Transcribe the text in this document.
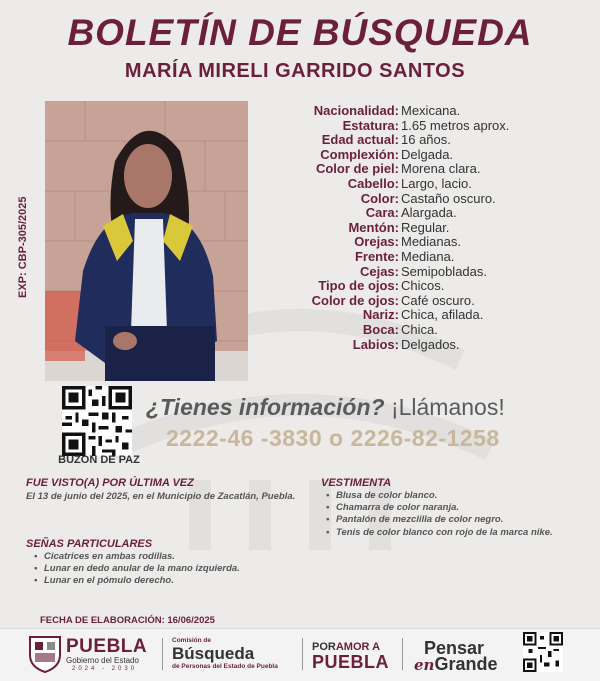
BOLETÍN DE BÚSQUEDA
MARÍA MIRELI GARRIDO SANTOS
EXP: CBP-305/2025
Nacionalidad: Mexicana.
Estatura: 1.65 metros aprox.
Edad actual: 16 años.
Complexión: Delgada.
Color de piel: Morena clara.
Cabello: Largo, lacio.
Color: Castaño oscuro.
Cara: Alargada.
Mentón: Regular.
Orejas: Medianas.
Frente: Mediana.
Cejas: Semipobladas.
Tipo de ojos: Chicos.
Color de ojos: Café oscuro.
Nariz: Chica, afilada.
Boca: Chica.
Labios: Delgados.
BUZON DE PAZ
¿Tienes información? ¡Llámanos!
2222-46 -3830 o 2226-82-1258
FUE VISTO(A) POR ÚLTIMA VEZ
El 13 de junio del 2025, en el Municipio de Zacatlán, Puebla.
SEÑAS PARTICULARES
• Cicatrices en ambas rodillas.
• Lunar en dedo anular de la mano izquierda.
• Lunar en el pómulo derecho.
VESTIMENTA
• Blusa de color blanco.
• Chamarra de color naranja.
• Pantalón de mezclilla de color negro.
• Tenis de color blanco con rojo de la marca nike.
FECHA DE ELABORACIÓN: 16/06/2025
PUEBLA
Gobierno del Estado
2024 - 2030
Comisión de
Búsqueda
de Personas del Estado de Puebla
PORAMOR A
PUEBLA
Pensar
enGrande
